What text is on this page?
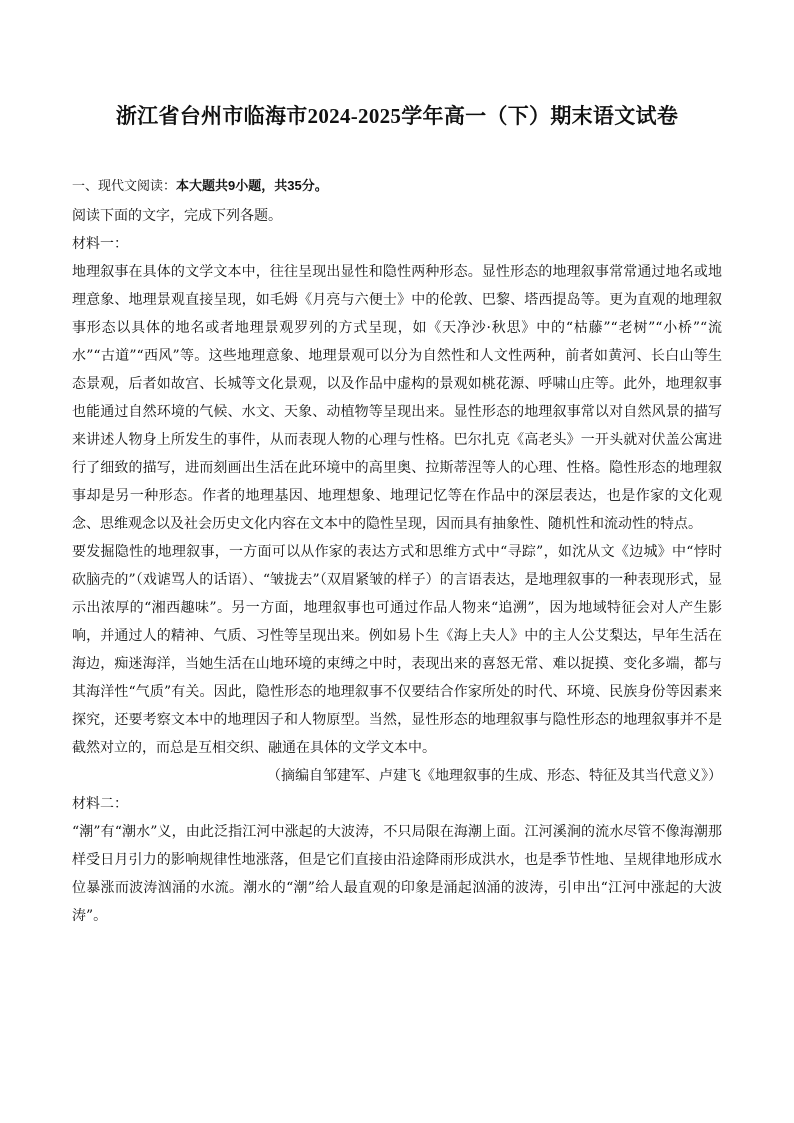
浙江省台州市临海市2024-2025学年高一（下）期末语文试卷

一、现代文阅读：本大题共9小题，共35分。

阅读下面的文字，完成下列各题。

材料一：

地理叙事在具体的文学文本中，往往呈现出显性和隐性两种形态。显性形态的地理叙事常常通过地名或地理意象、地理景观直接呈现，如毛姆《月亮与六便士》中的伦敦、巴黎、塔西提岛等。更为直观的地理叙事形态以具体的地名或者地理景观罗列的方式呈现，如《天净沙·秋思》中的“枯藤”“老树”“小桥”“流水”“古道”“西风”等。这些地理意象、地理景观可以分为自然性和人文性两种，前者如黄河、长白山等生态景观，后者如故宫、长城等文化景观，以及作品中虚构的景观如桃花源、呼啸山庄等。此外，地理叙事也能通过自然环境的气候、水文、天象、动植物等呈现出来。显性形态的地理叙事常以对自然风景的描写来讲述人物身上所发生的事件，从而表现人物的心理与性格。巴尔扎克《高老头》一开头就对伏盖公寓进行了细致的描写，进而刻画出生活在此环境中的高里奥、拉斯蒂涅等人的心理、性格。隐性形态的地理叙事却是另一种形态。作者的地理基因、地理想象、地理记忆等在作品中的深层表达，也是作家的文化观念、思维观念以及社会历史文化内容在文本中的隐性呈现，因而具有抽象性、随机性和流动性的特点。

要发掘隐性的地理叙事，一方面可以从作家的表达方式和思维方式中“寻踪”，如沈从文《边城》中“悖时砍脑壳的”（戏谑骂人的话语）、“皱拢去”（双眉紧皱的样子）的言语表达，是地理叙事的一种表现形式，显示出浓厚的“湘西趣味”。另一方面，地理叙事也可通过作品人物来“追溯”，因为地域特征会对人产生影响，并通过人的精神、气质、习性等呈现出来。例如易卜生《海上夫人》中的主人公艾梨达，早年生活在海边，痴迷海洋，当她生活在山地环境的束缚之中时，表现出来的喜怒无常、难以捉摸、变化多端，都与其海洋性“气质”有关。因此，隐性形态的地理叙事不仅要结合作家所处的时代、环境、民族身份等因素来探究，还要考察文本中的地理因子和人物原型。当然，显性形态的地理叙事与隐性形态的地理叙事并不是截然对立的，而总是互相交织、融通在具体的文学文本中。

（摘编自邹建军、卢建飞《地理叙事的生成、形态、特征及其当代意义》）

材料二：

“潮”有“潮水”义，由此泛指江河中涨起的大波涛，不只局限在海潮上面。江河溪涧的流水尽管不像海潮那样受日月引力的影响规律性地涨落，但是它们直接由沿途降雨形成洪水，也是季节性地、呈规律地形成水位暴涨而波涛汹涌的水流。潮水的“潮”给人最直观的印象是涌起汹涌的波涛，引申出“江河中涨起的大波涛”。
